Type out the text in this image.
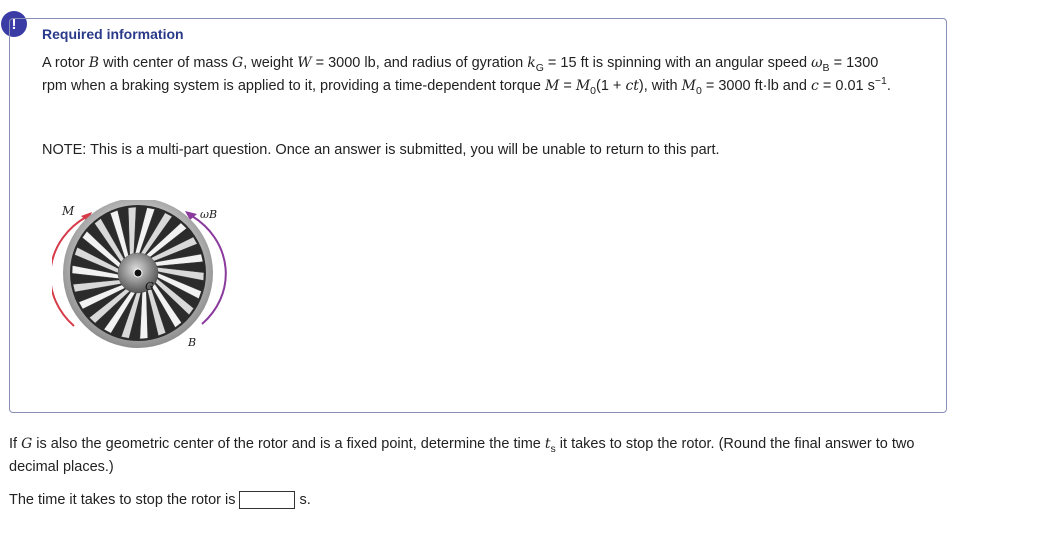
!
Required information
A rotor B with center of mass G, weight W = 3000 lb, and radius of gyration $k_G = 15$ ft is spinning with an angular speed $\omega_B = 1300$ rpm when a braking system is applied to it, providing a time-dependent torque $M = M_0(1 + ct)$, with $M_0 = 3000$ ft·lb and c = 0.01 $s^{-1}$.
NOTE: This is a multi-part question. Once an answer is submitted, you will be unable to return to this part.
M	ωB
G
B
If G is also the geometric center of the rotor and is a fixed point, determine the time $t_s$ it takes to stop the rotor. (Round the final answer to two decimal places.)
The time it takes to stop the rotor is	s.
